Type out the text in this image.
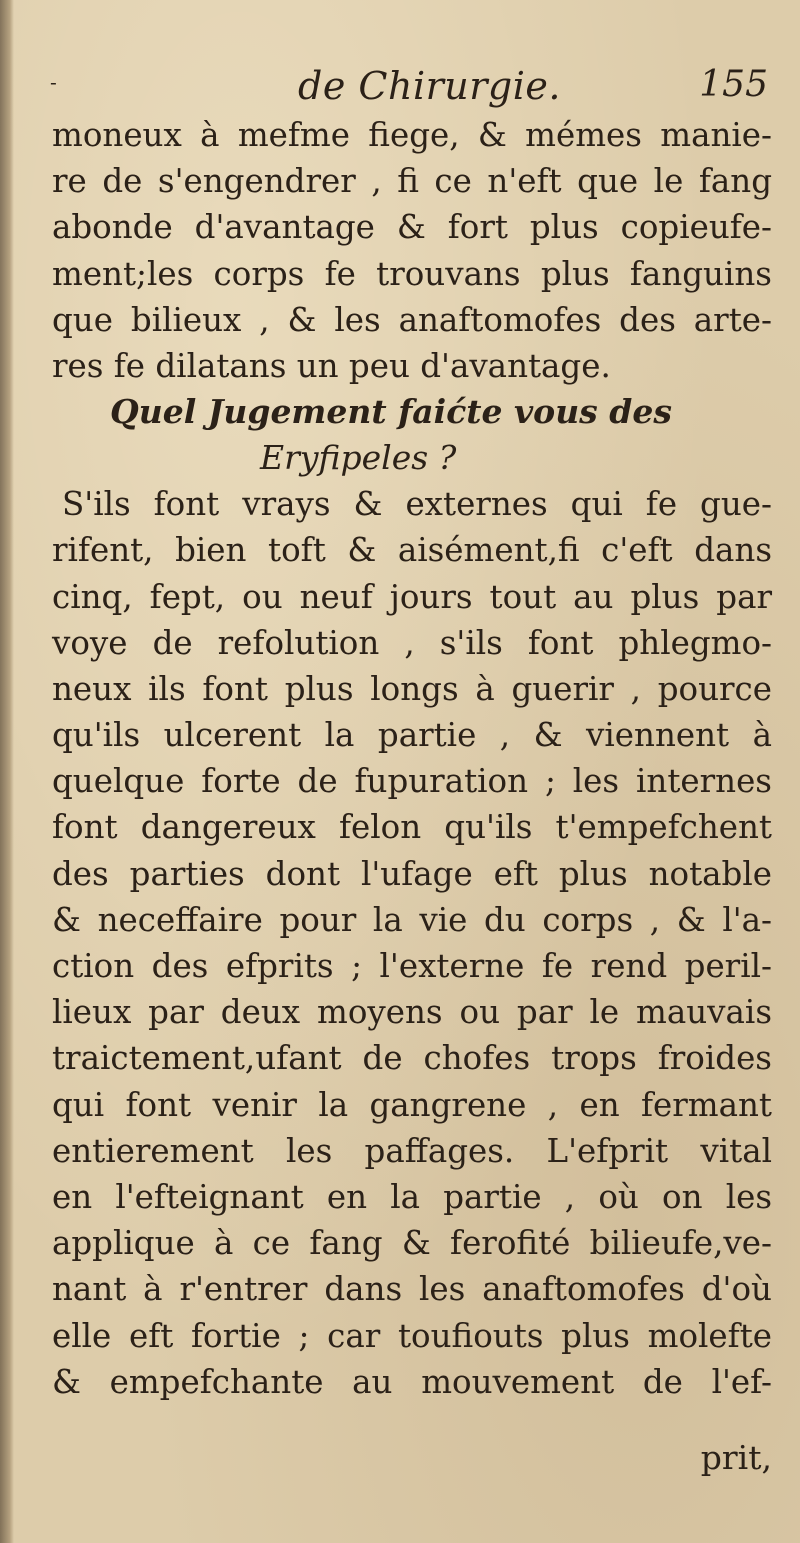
-	de Chirurgie.	155
moneux à mefme fiege, & mémes manie-
re de s'engendrer , fi ce n'eft que le fang
abonde d'avantage & fort plus copieufe-
ment;les corps fe trouvans plus fanguins
que bilieux , & les anaftomofes des arte-
res fe dilatans un peu d'avantage.
Quel Jugement faićte vous des
Eryfipeles ?
S'ils font vrays & externes qui fe gue-
rifent, bien toft & aisément,fi c'eft dans
cinq, fept, ou neuf jours tout au plus par
voye de refolution , s'ils font phlegmo-
neux ils font plus longs à guerir , pource
qu'ils ulcerent la partie , & viennent à
quelque forte de fupuration ; les internes
font dangereux felon qu'ils t'empefchent
des parties dont l'ufage eft plus notable
& neceffaire pour la vie du corps , & l'a-
ction des efprits ; l'externe fe rend peril-
lieux par deux moyens ou par le mauvais
traictement,ufant de chofes trops froides
qui font venir la gangrene , en fermant
entierement les paffages. L'efprit vital
en l'efteignant en la partie , où on les
applique à ce fang & ferofité bilieufe,ve-
nant à r'entrer dans les anaftomofes d'où
elle eft fortie ; car toufiouts plus molefte
& empefchante au mouvement de l'ef-
prit,
